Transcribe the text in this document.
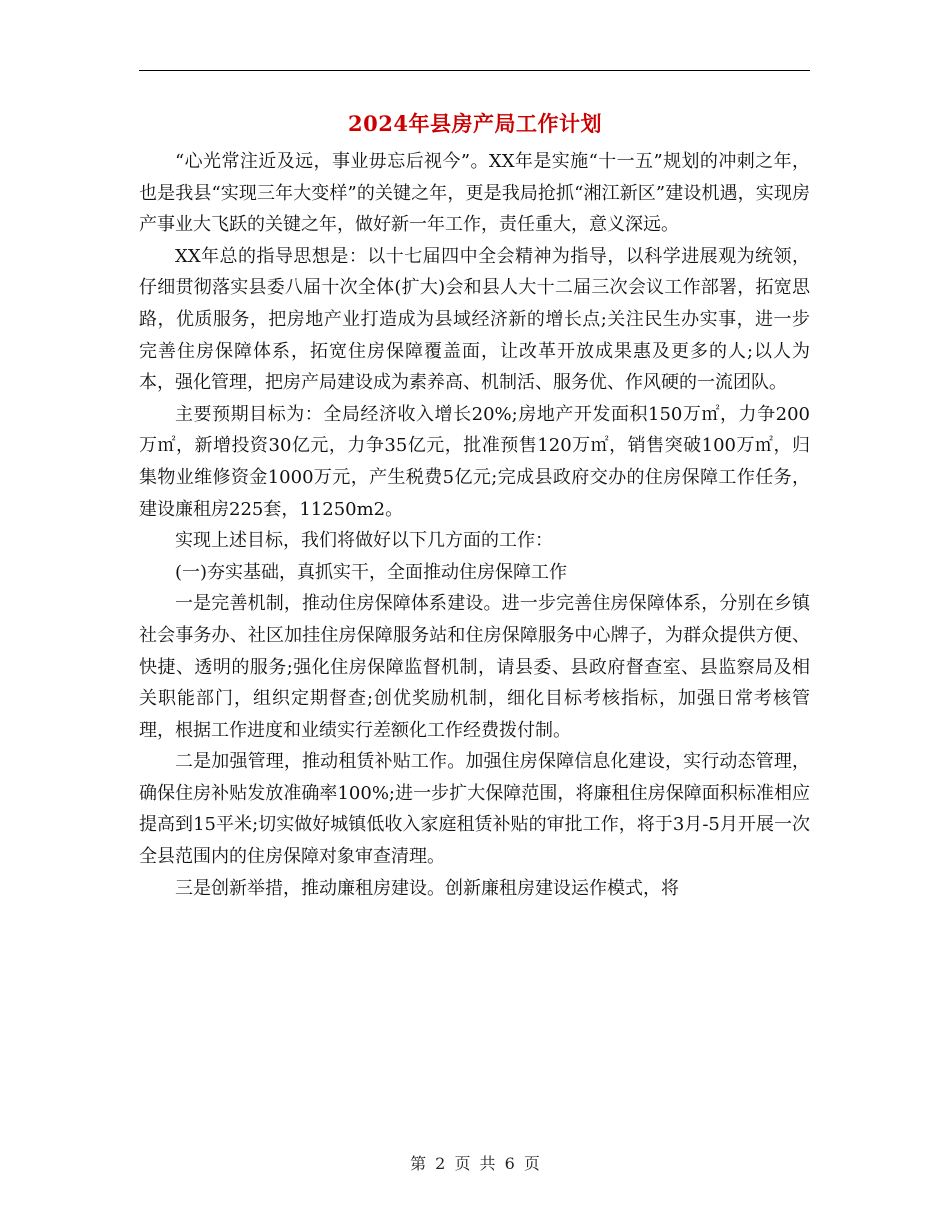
2024年县房产局工作计划

“心光常注近及远，事业毋忘后视今”。XX年是实施“十一五”规划的冲刺之年，也是我县“实现三年大变样”的关键之年，更是我局抢抓“湘江新区”建设机遇，实现房产事业大飞跃的关键之年，做好新一年工作，责任重大，意义深远。

XX年总的指导思想是：以十七届四中全会精神为指导，以科学进展观为统领，仔细贯彻落实县委八届十次全体(扩大)会和县人大十二届三次会议工作部署，拓宽思路，优质服务，把房地产业打造成为县域经济新的增长点;关注民生办实事，进一步完善住房保障体系，拓宽住房保障覆盖面，让改革开放成果惠及更多的人;以人为本，强化管理，把房产局建设成为素养高、机制活、服务优、作风硬的一流团队。

主要预期目标为：全局经济收入增长20%;房地产开发面积150万㎡，力争200万㎡，新增投资30亿元，力争35亿元，批准预售120万㎡，销售突破100万㎡，归集物业维修资金1000万元，产生税费5亿元;完成县政府交办的住房保障工作任务，建设廉租房225套，11250m2。

实现上述目标，我们将做好以下几方面的工作：

(一)夯实基础，真抓实干，全面推动住房保障工作

一是完善机制，推动住房保障体系建设。进一步完善住房保障体系，分别在乡镇社会事务办、社区加挂住房保障服务站和住房保障服务中心牌子，为群众提供方便、快捷、透明的服务;强化住房保障监督机制，请县委、县政府督查室、县监察局及相关职能部门，组织定期督查;创优奖励机制，细化目标考核指标，加强日常考核管理，根据工作进度和业绩实行差额化工作经费拨付制。

二是加强管理，推动租赁补贴工作。加强住房保障信息化建设，实行动态管理，确保住房补贴发放准确率100%;进一步扩大保障范围，将廉租住房保障面积标准相应提高到15平米;切实做好城镇低收入家庭租赁补贴的审批工作，将于3月-5月开展一次全县范围内的住房保障对象审查清理。

三是创新举措，推动廉租房建设。创新廉租房建设运作模式，将

第 2 页 共 6 页
